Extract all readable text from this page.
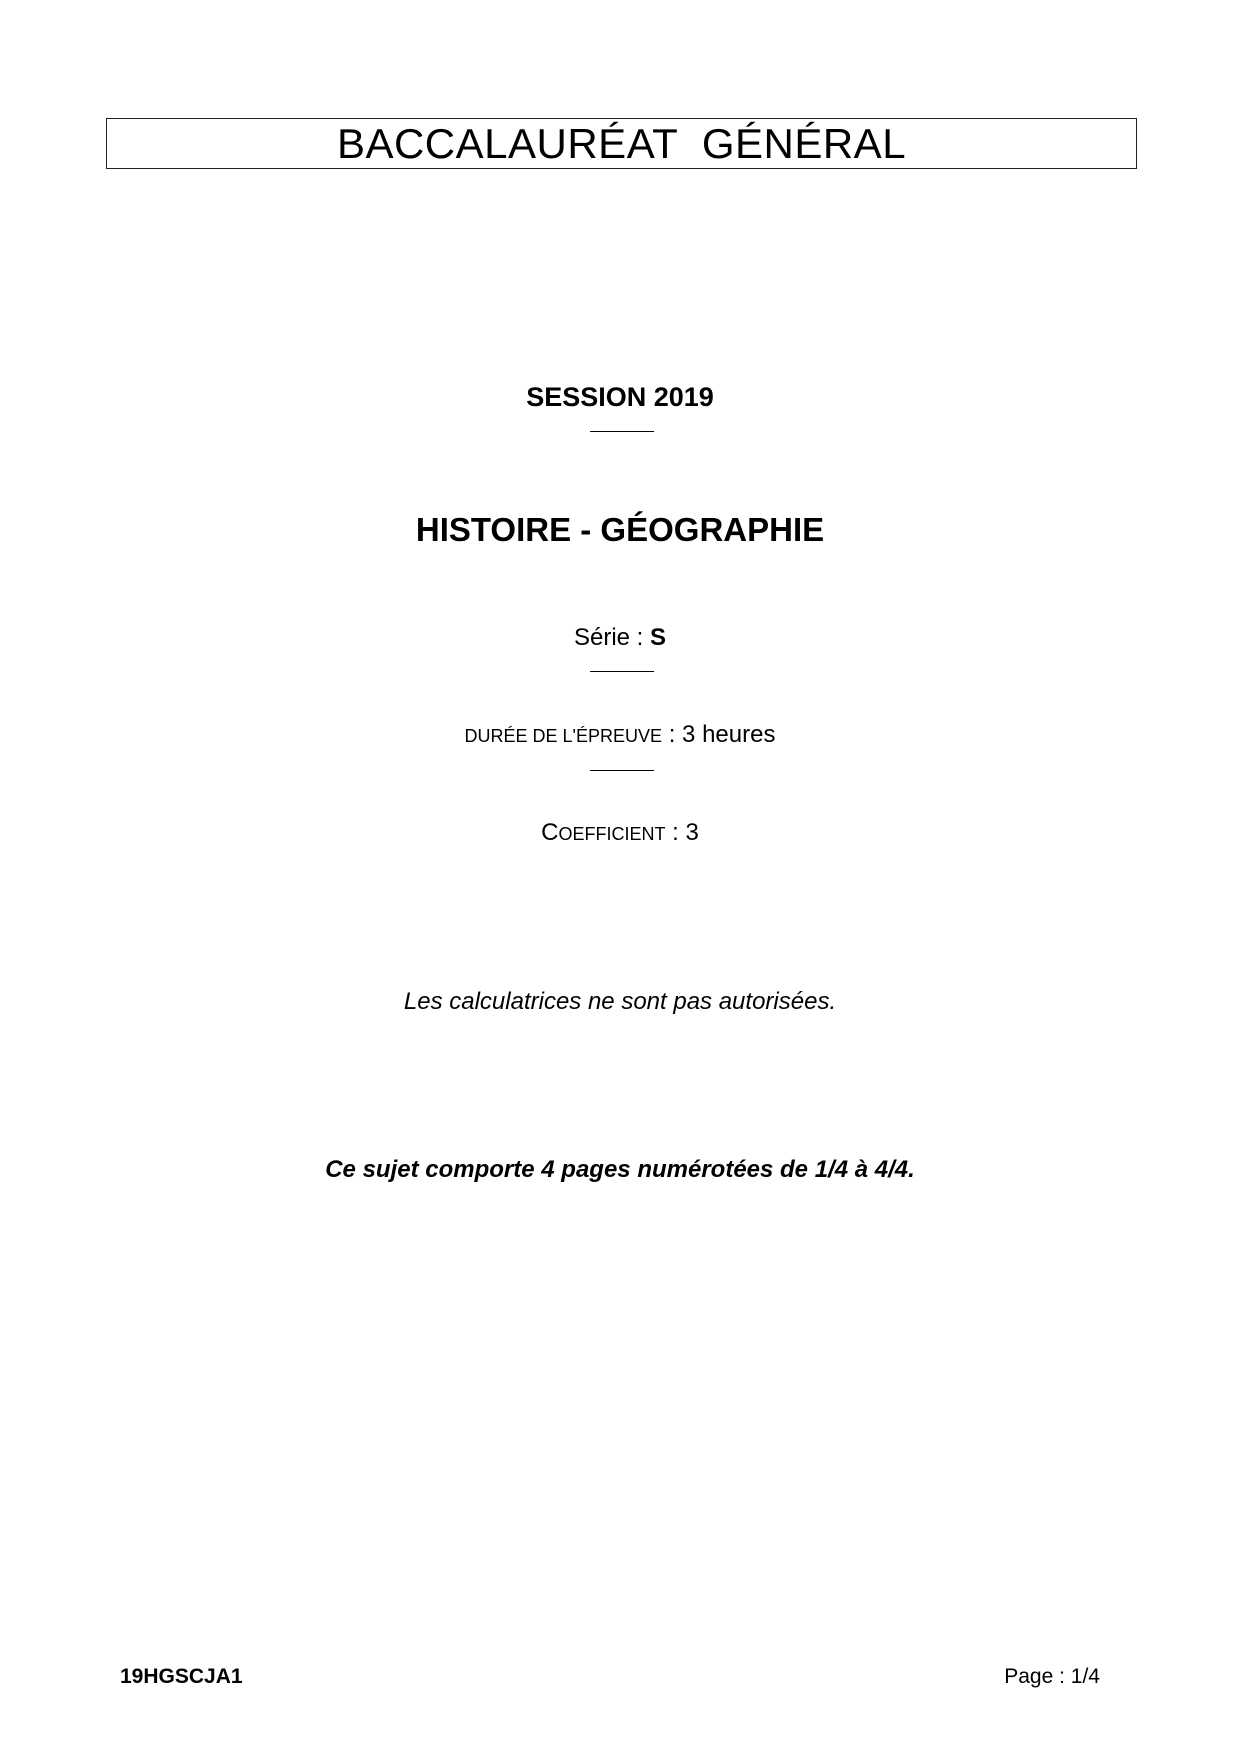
BACCALAURÉAT  GÉNÉRAL
SESSION 2019
HISTOIRE - GÉOGRAPHIE
Série : S
DURÉE DE L'ÉPREUVE : 3 heures
COEFFICIENT : 3
Les calculatrices ne sont pas autorisées.
Ce sujet comporte 4 pages numérotées de 1/4 à 4/4.
19HGSCJA1	Page : 1/4
